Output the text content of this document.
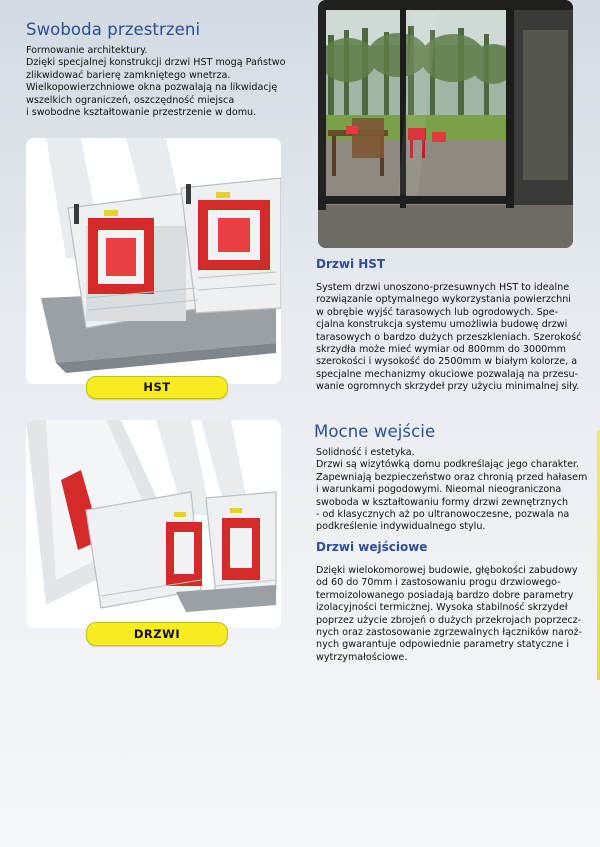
Swoboda przestrzeni
Formowanie architektury.
Dzięki specjalnej konstrukcji drzwi HST mogą Państwo
zlikwidować barierę zamkniętego wnetrza.
Wielkopowierzchniowe okna pozwalają na likwidację
wszelkich ograniczeń, oszczędność miejsca
i swobodne kształtowanie przestrzenie w domu.
HST
Drzwi HST
System drzwi unoszono-przesuwnych HST to idealne
rozwiązanie optymalnego wykorzystania powierzchni
w obrębie wyjść tarasowych lub ogrodowych. Spe-
cjalna konstrukcja systemu umożliwia budowę drzwi
tarasowych o bardzo dużych przeszkleniach. Szerokość
skrzydła może mieć wymiar od 800mm do 3000mm
szerokości i wysokość do 2500mm w białym kolorze, a
specjalne mechanizmy okuciowe pozwalają na przesu-
wanie ogromnych skrzydeł przy użyciu minimalnej siły.
DRZWI
Mocne wejście
Solidność i estetyka.
Drzwi są wizytówką domu podkreślając jego charakter.
Zapewniają bezpieczeństwo oraz chronią przed hałasem
i warunkami pogodowymi. Nieomal nieograniczona
swoboda w kształtowaniu formy drzwi zewnętrznych
- od klasycznych aż po ultranowoczesne, pozwala na
podkreślenie indywidualnego stylu.
Drzwi wejściowe
Dzięki wielokomorowej budowie, głębokości zabudowy
od 60 do 70mm i zastosowaniu progu drzwiowego-
termoizolowanego posiadają bardzo dobre parametry
izolacyjności termicznej. Wysoka stabilność skrzydeł
poprzez użycie zbrojeń o dużych przekrojach poprzecz-
nych oraz zastosowanie zgrzewalnych łączników naroż-
nych gwarantuje odpowiednie parametry statyczne i
wytrzymałościowe.
